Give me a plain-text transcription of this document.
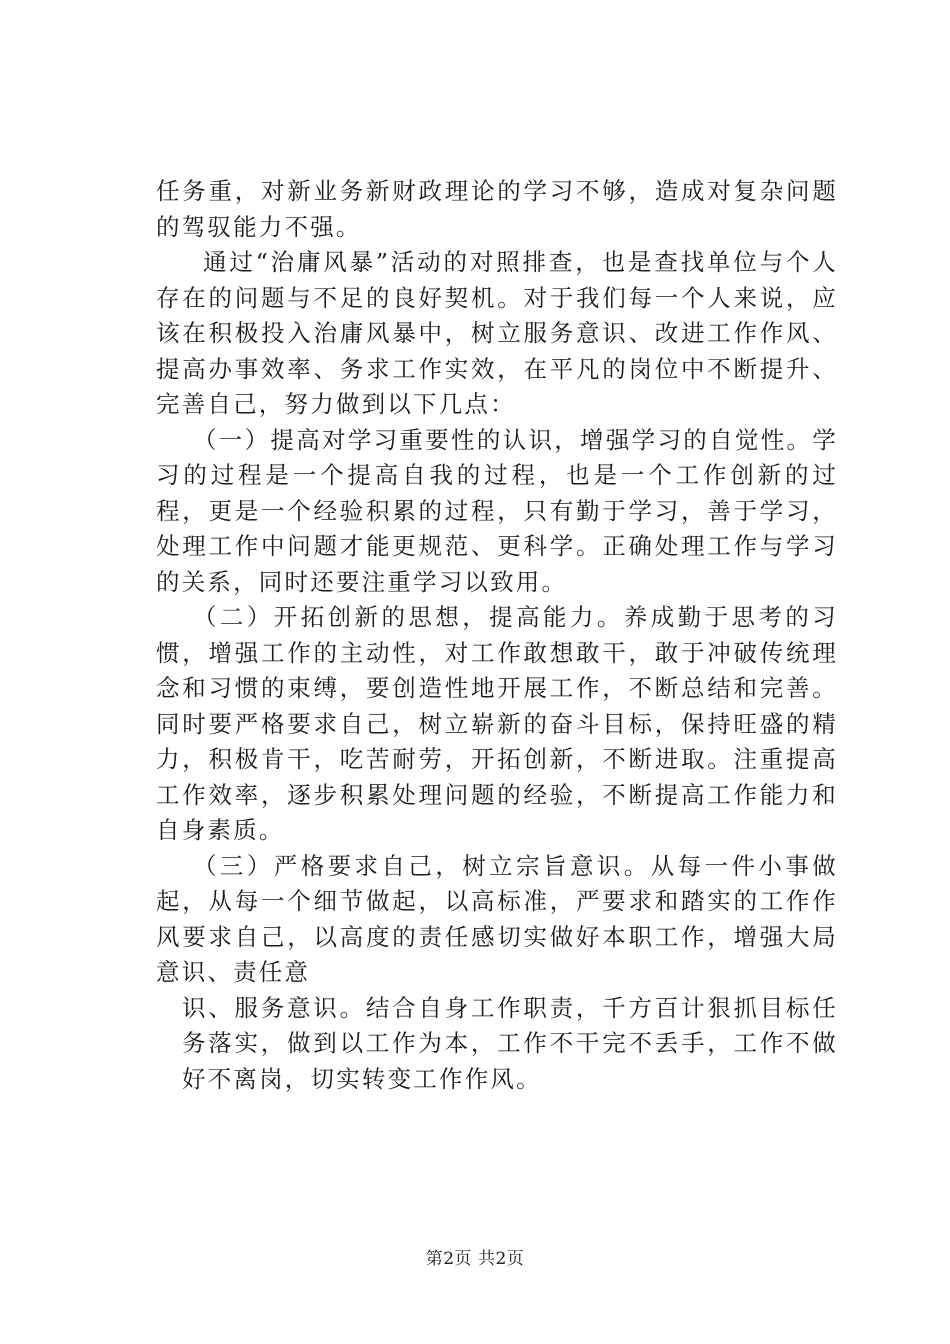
任务重，对新业务新财政理论的学习不够，造成对复杂问题的驾驭能力不强。

通过“治庸风暴”活动的对照排查，也是查找单位与个人存在的问题与不足的良好契机。对于我们每一个人来说，应该在积极投入治庸风暴中，树立服务意识、改进工作作风、提高办事效率、务求工作实效，在平凡的岗位中不断提升、完善自己，努力做到以下几点：

（一）提高对学习重要性的认识，增强学习的自觉性。学习的过程是一个提高自我的过程，也是一个工作创新的过程，更是一个经验积累的过程，只有勤于学习，善于学习，处理工作中问题才能更规范、更科学。正确处理工作与学习的关系，同时还要注重学习以致用。

（二）开拓创新的思想，提高能力。养成勤于思考的习惯，增强工作的主动性，对工作敢想敢干，敢于冲破传统理念和习惯的束缚，要创造性地开展工作，不断总结和完善。同时要严格要求自己，树立崭新的奋斗目标，保持旺盛的精力，积极肯干，吃苦耐劳，开拓创新，不断进取。注重提高工作效率，逐步积累处理问题的经验，不断提高工作能力和自身素质。

（三）严格要求自己，树立宗旨意识。从每一件小事做起，从每一个细节做起，以高标准，严要求和踏实的工作作风要求自己，以高度的责任感切实做好本职工作，增强大局意识、责任意

识、服务意识。结合自身工作职责，千方百计狠抓目标任务落实，做到以工作为本，工作不干完不丢手，工作不做好不离岗，切实转变工作作风。

第2页 共2页
